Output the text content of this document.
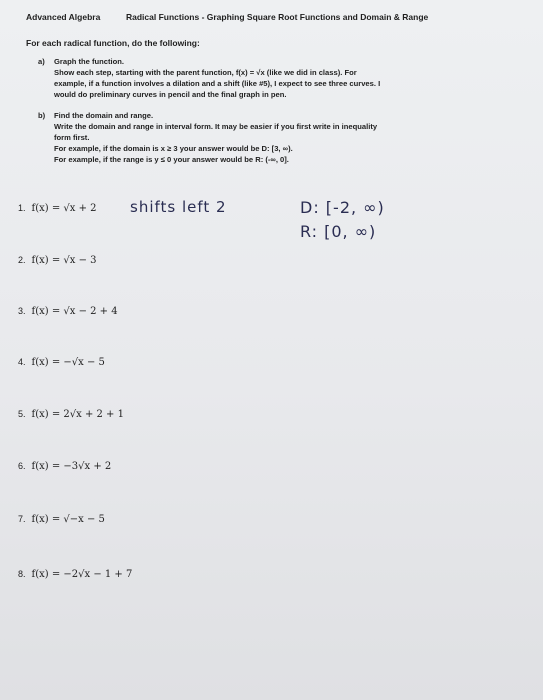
Advanced Algebra	Radical Functions - Graphing Square Root Functions and Domain & Range
For each radical function, do the following:
a) Graph the function.
Show each step, starting with the parent function, f(x) = √x (like we did in class). For
example, if a function involves a dilation and a shift (like #5), I expect to see three curves. I
would do preliminary curves in pencil and the final graph in pen.
b) Find the domain and range.
Write the domain and range in interval form. It may be easier if you first write in inequality
form first.
For example, if the domain is x ≥ 3 your answer would be D: [3, ∞).
For example, if the range is y ≤ 0 your answer would be R: (-∞, 0].
1. f(x) = √x + 2
2. f(x) = √x − 3
3. f(x) = √x − 2 + 4
4. f(x) = −√x − 5
5. f(x) = 2√x + 2 + 1
6. f(x) = −3√x + 2
7. f(x) = √−x − 5
8. f(x) = −2√x − 1 + 7
shifts left 2	D: [-2, ∞)
R: [0, ∞)
